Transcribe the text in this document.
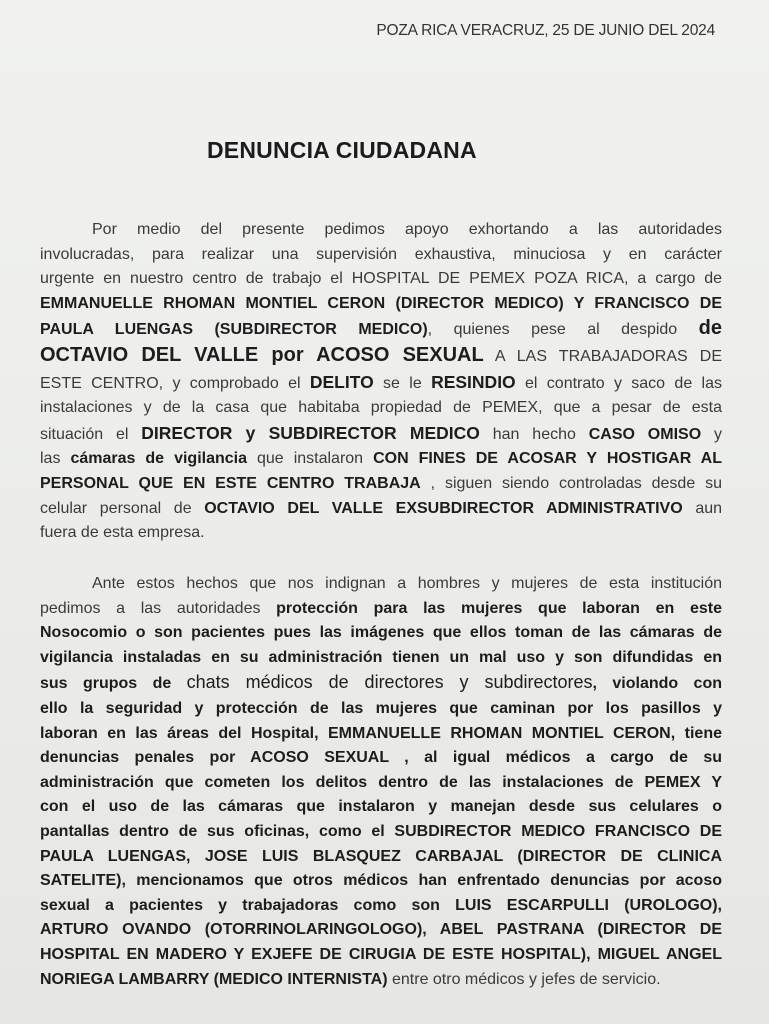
POZA RICA VERACRUZ, 25 DE JUNIO DEL 2024
DENUNCIA CIUDADANA
Por medio del presente pedimos apoyo exhortando a las autoridades
involucradas, para realizar una supervisión exhaustiva, minuciosa y en carácter
urgente en nuestro centro de trabajo el HOSPITAL DE PEMEX POZA RICA, a cargo de
EMMANUELLE RHOMAN MONTIEL CERON (DIRECTOR MEDICO) Y FRANCISCO DE
PAULA LUENGAS (SUBDIRECTOR MEDICO), quienes pese al despido de
OCTAVIO DEL VALLE por ACOSO SEXUAL A LAS TRABAJADORAS DE
ESTE CENTRO, y comprobado el DELITO se le RESINDIO el contrato y saco de las
instalaciones y de la casa que habitaba propiedad de PEMEX, que a pesar de esta
situación el DIRECTOR y SUBDIRECTOR MEDICO han hecho CASO OMISO y
las cámaras de vigilancia que instalaron CON FINES DE ACOSAR Y HOSTIGAR AL
PERSONAL QUE EN ESTE CENTRO TRABAJA , siguen siendo controladas desde su
celular personal de OCTAVIO DEL VALLE EXSUBDIRECTOR ADMINISTRATIVO aun
fuera de esta empresa.
Ante estos hechos que nos indignan a hombres y mujeres de esta institución
pedimos a las autoridades protección para las mujeres que laboran en este
Nosocomio o son pacientes pues las imágenes que ellos toman de las cámaras de
vigilancia instaladas en su administración tienen un mal uso y son difundidas en
sus grupos de chats médicos de directores y subdirectores, violando con
ello la seguridad y protección de las mujeres que caminan por los pasillos y
laboran en las áreas del Hospital, EMMANUELLE RHOMAN MONTIEL CERON, tiene
denuncias penales por ACOSO SEXUAL , al igual médicos a cargo de su
administración que cometen los delitos dentro de las instalaciones de PEMEX Y
con el uso de las cámaras que instalaron y manejan desde sus celulares o
pantallas dentro de sus oficinas, como el SUBDIRECTOR MEDICO FRANCISCO DE
PAULA LUENGAS, JOSE LUIS BLASQUEZ CARBAJAL (DIRECTOR DE CLINICA
SATELITE), mencionamos que otros médicos han enfrentado denuncias por acoso
sexual a pacientes y trabajadoras como son LUIS ESCARPULLI (UROLOGO),
ARTURO OVANDO (OTORRINOLARINGOLOGO), ABEL PASTRANA (DIRECTOR DE
HOSPITAL EN MADERO Y EXJEFE DE CIRUGIA DE ESTE HOSPITAL), MIGUEL ANGEL
NORIEGA LAMBARRY (MEDICO INTERNISTA) entre otro médicos y jefes de servicio.
